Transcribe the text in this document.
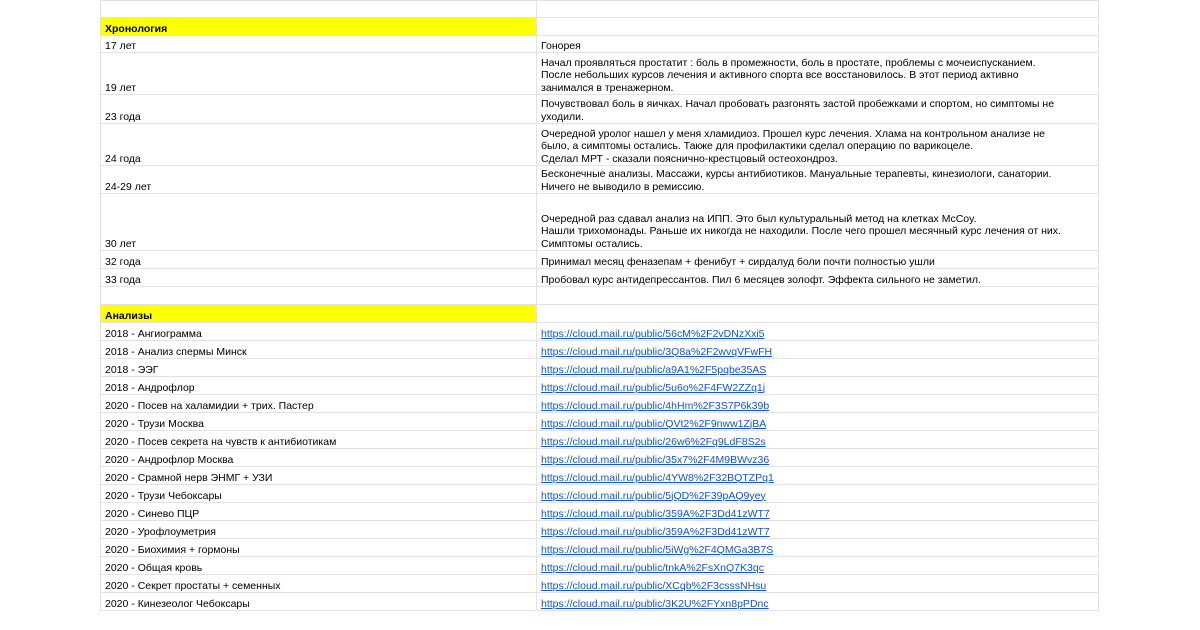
Хронология	
17 лет	Гонорея

19 лет	Начал проявляться простатит : боль в промежности, боль в простате, проблемы с мочеиспусканием.
После небольших курсов лечения и активного спорта все восстановилось. В этот период активно
занимался в тренажерном.

23 года	Почувствовал боль в яичках. Начал пробовать разгонять застой пробежками и спортом, но симптомы не
уходили.

24 года	Очередной уролог нашел у меня хламидиоз. Прошел курс лечения. Хлама на контрольном анализе не
было, а симптомы остались. Также для профилактики сделал операцию по варикоцеле.
Сделал МРТ - сказали пояснично-крестцовый остеохондроз.

24-29 лет	Бесконечные анализы. Массажи, курсы антибиотиков. Мануальные терапевты, кинезиологи, санатории.
Ничего не выводило в ремиссию.

30 лет	Очередной раз сдавал анализ на ИПП. Это был культуральный метод на клетках McCoy.
Нашли трихомонады. Раньше их никогда не находили. После чего прошел месячный курс лечения от них.
Симптомы остались.

32 года	Принимал месяц феназепам + фенибут + сирдалуд боли почти полностью ушли

33 года	Пробовал курс антидепрессантов. Пил 6 месяцев золофт. Эффекта сильного не заметил.

Анализы	
2018 - Ангиограмма	https://cloud.mail.ru/public/56cM%2F2vDNzXxi5
2018 - Анализ спермы Минск	https://cloud.mail.ru/public/3Q8a%2F2wvqVFwFH
2018 - ЭЭГ	https://cloud.mail.ru/public/a9A1%2F5pqbe35AS
2018 - Андрофлор	https://cloud.mail.ru/public/5u6o%2F4FW2ZZq1j
2020 - Посев на халамидии + трих. Пастер	https://cloud.mail.ru/public/4hHm%2F3S7P6k39b
2020 - Трузи Москва	https://cloud.mail.ru/public/QVt2%2F9nww1ZjBA
2020 - Посев секрета на чувств к антибиотикам	https://cloud.mail.ru/public/26w6%2Fq9LdF8S2s
2020 - Андрофлор Москва	https://cloud.mail.ru/public/35x7%2F4M9BWvz36
2020 - Срамной нерв ЭНМГ + УЗИ	https://cloud.mail.ru/public/4YW8%2F32BQTZPq1
2020 - Трузи Чебоксары	https://cloud.mail.ru/public/5jQD%2F39pAQ9yey
2020 - Синево ПЦР	https://cloud.mail.ru/public/359A%2F3Dd41zWT7
2020 - Урофлоуметрия	https://cloud.mail.ru/public/359A%2F3Dd41zWT7
2020 - Биохимия + гормоны	https://cloud.mail.ru/public/5iWg%2F4QMGa3B7S
2020 - Общая кровь	https://cloud.mail.ru/public/tnkA%2FsXnQ7K3qc
2020 - Секрет простаты + семенных	https://cloud.mail.ru/public/XCqb%2F3csssNHsu
2020 - Кинезеолог Чебоксары	https://cloud.mail.ru/public/3K2U%2FYxn8pPDnc
